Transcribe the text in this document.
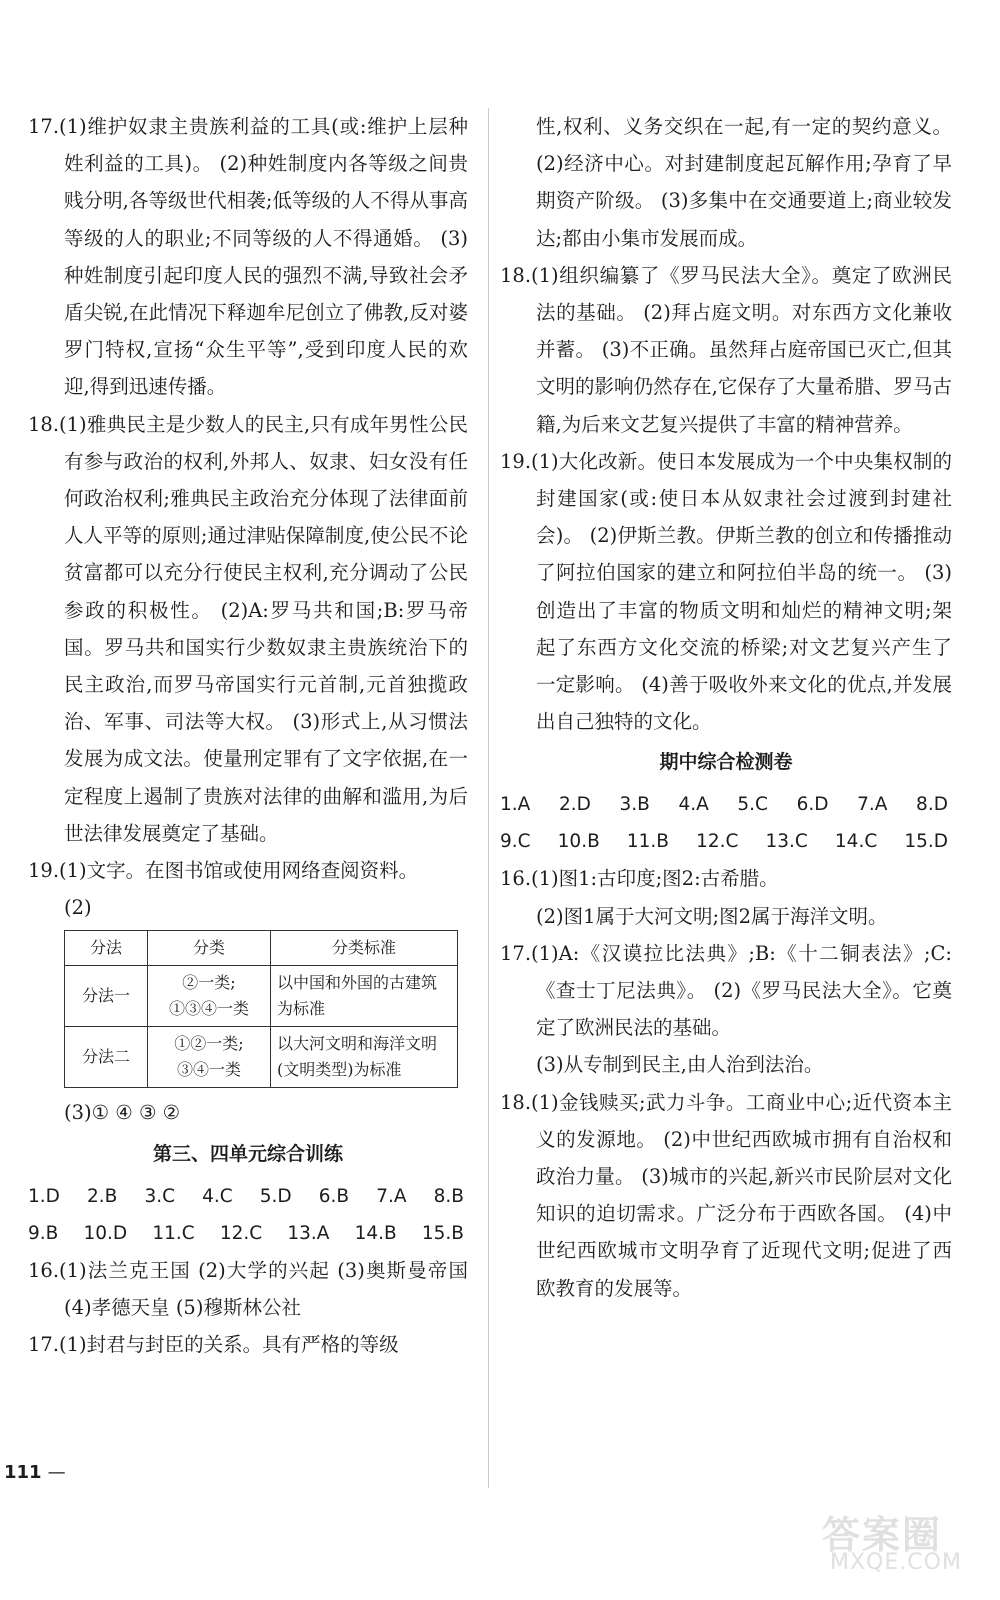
17.(1)维护奴隶主贵族利益的工具(或:维护上层种姓利益的工具)。 (2)种姓制度内各等级之间贵贱分明,各等级世代相袭;低等级的人不得从事高等级的人的职业;不同等级的人不得通婚。 (3)种姓制度引起印度人民的强烈不满,导致社会矛盾尖锐,在此情况下释迦牟尼创立了佛教,反对婆罗门特权,宣扬“众生平等”,受到印度人民的欢迎,得到迅速传播。

18.(1)雅典民主是少数人的民主,只有成年男性公民有参与政治的权利,外邦人、奴隶、妇女没有任何政治权利;雅典民主政治充分体现了法律面前人人平等的原则;通过津贴保障制度,使公民不论贫富都可以充分行使民主权利,充分调动了公民参政的积极性。 (2)A:罗马共和国;B:罗马帝国。罗马共和国实行少数奴隶主贵族统治下的民主政治,而罗马帝国实行元首制,元首独揽政治、军事、司法等大权。 (3)形式上,从习惯法发展为成文法。使量刑定罪有了文字依据,在一定程度上遏制了贵族对法律的曲解和滥用,为后世法律发展奠定了基础。

19.(1)文字。在图书馆或使用网络查阅资料。

(2)

分法	分类	分类标准
分法一	②一类;
①③④一类	以中国和外国的古建筑为标准
分法二	①②一类;
③④一类	以大河文明和海洋文明(文明类型)为标准

(3)① ④ ③ ②

第三、四单元综合训练
1.D 2.B 3.C 4.C 5.D 6.B 7.A 8.B
9.B 10.D 11.C 12.C 13.A 14.B 15.B

16.(1)法兰克王国 (2)大学的兴起 (3)奥斯曼帝国 (4)孝德天皇 (5)穆斯林公社

17.(1)封君与封臣的关系。具有严格的等级

性,权利、义务交织在一起,有一定的契约意义。 (2)经济中心。对封建制度起瓦解作用;孕育了早期资产阶级。 (3)多集中在交通要道上;商业较发达;都由小集市发展而成。

18.(1)组织编纂了《罗马民法大全》。奠定了欧洲民法的基础。 (2)拜占庭文明。对东西方文化兼收并蓄。 (3)不正确。虽然拜占庭帝国已灭亡,但其文明的影响仍然存在,它保存了大量希腊、罗马古籍,为后来文艺复兴提供了丰富的精神营养。

19.(1)大化改新。使日本发展成为一个中央集权制的封建国家(或:使日本从奴隶社会过渡到封建社会)。 (2)伊斯兰教。伊斯兰教的创立和传播推动了阿拉伯国家的建立和阿拉伯半岛的统一。 (3)创造出了丰富的物质文明和灿烂的精神文明;架起了东西方文化交流的桥梁;对文艺复兴产生了一定影响。 (4)善于吸收外来文化的优点,并发展出自己独特的文化。

期中综合检测卷
1.A 2.D 3.B 4.A 5.C 6.D 7.A 8.D
9.C 10.B 11.B 12.C 13.C 14.C 15.D

16.(1)图1:古印度;图2:古希腊。

(2)图1属于大河文明;图2属于海洋文明。

17.(1)A:《汉谟拉比法典》;B:《十二铜表法》;C:《查士丁尼法典》。 (2)《罗马民法大全》。它奠定了欧洲民法的基础。

(3)从专制到民主,由人治到法治。

18.(1)金钱赎买;武力斗争。工商业中心;近代资本主义的发源地。 (2)中世纪西欧城市拥有自治权和政治力量。 (3)城市的兴起,新兴市民阶层对文化知识的迫切需求。广泛分布于西欧各国。 (4)中世纪西欧城市文明孕育了近现代文明;促进了西欧教育的发展等。

111 —
答案圈
MXQE.COM
